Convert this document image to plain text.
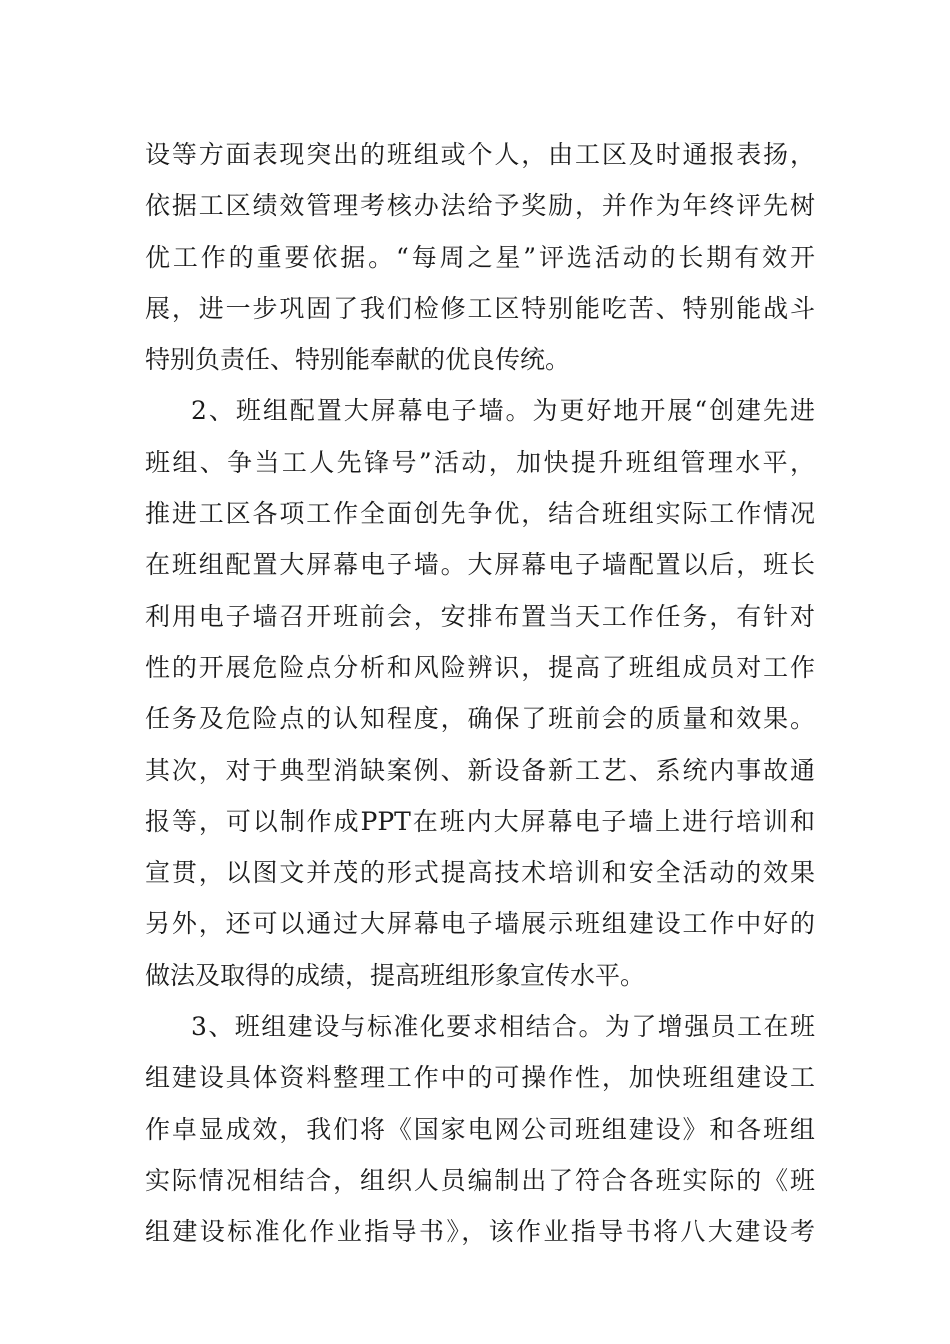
设等方面表现突出的班组或个人，由工区及时通报表扬，
依据工区绩效管理考核办法给予奖励，并作为年终评先树
优工作的重要依据。“每周之星”评选活动的长期有效开
展，进一步巩固了我们检修工区特别能吃苦、特别能战斗
特别负责任、特别能奉献的优良传统。
2、班组配置大屏幕电子墙。为更好地开展“创建先进
班组、争当工人先锋号”活动，加快提升班组管理水平，
推进工区各项工作全面创先争优，结合班组实际工作情况
在班组配置大屏幕电子墙。大屏幕电子墙配置以后，班长
利用电子墙召开班前会，安排布置当天工作任务，有针对
性的开展危险点分析和风险辨识，提高了班组成员对工作
任务及危险点的认知程度，确保了班前会的质量和效果。
其次，对于典型消缺案例、新设备新工艺、系统内事故通
报等，可以制作成PPT在班内大屏幕电子墙上进行培训和
宣贯，以图文并茂的形式提高技术培训和安全活动的效果
另外，还可以通过大屏幕电子墙展示班组建设工作中好的
做法及取得的成绩，提高班组形象宣传水平。
3、班组建设与标准化要求相结合。为了增强员工在班
组建设具体资料整理工作中的可操作性，加快班组建设工
作卓显成效，我们将《国家电网公司班组建设》和各班组
实际情况相结合，组织人员编制出了符合各班实际的《班
组建设标准化作业指导书》，该作业指导书将八大建设考
